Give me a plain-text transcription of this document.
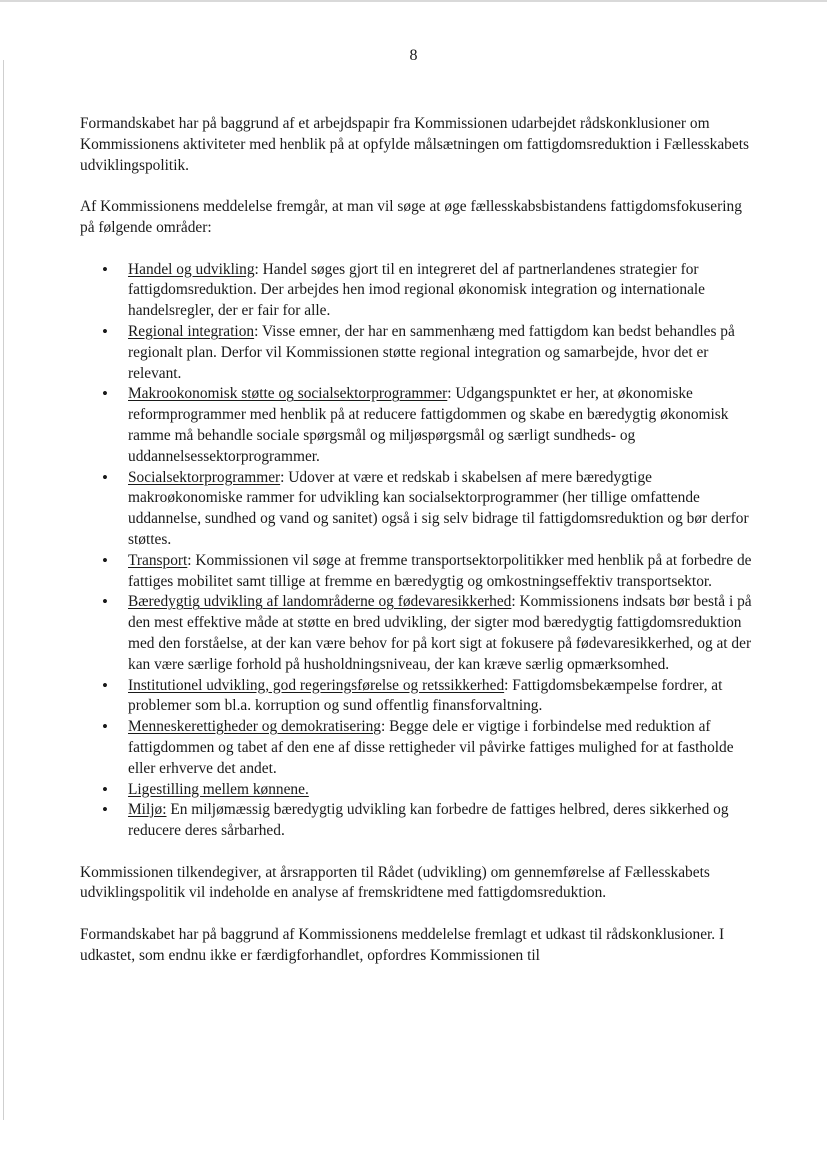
8

Formandskabet har på baggrund af et arbejdspapir fra Kommissionen udarbejdet rådskonklusioner om Kommissionens aktiviteter med henblik på at opfylde målsætningen om fattigdomsreduktion i Fællesskabets udviklingspolitik.

Af Kommissionens meddelelse fremgår, at man vil søge at øge fællesskabsbistandens fattigdomsfokusering på følgende områder:

• Handel og udvikling: Handel søges gjort til en integreret del af partnerlandenes strategier for fattigdomsreduktion. Der arbejdes hen imod regional økonomisk integration og internationale handelsregler, der er fair for alle.
• Regional integration: Visse emner, der har en sammenhæng med fattigdom kan bedst behandles på regionalt plan. Derfor vil Kommissionen støtte regional integration og samarbejde, hvor det er relevant.
• Makrookonomisk støtte og socialsektorprogrammer: Udgangspunktet er her, at økonomiske reformprogrammer med henblik på at reducere fattigdommen og skabe en bæredygtig økonomisk ramme må behandle sociale spørgsmål og miljøspørgsmål og særligt sundheds- og uddannelsessektorprogrammer.
• Socialsektorprogrammer: Udover at være et redskab i skabelsen af mere bæredygtige makroøkonomiske rammer for udvikling kan socialsektorprogrammer (her tillige omfattende uddannelse, sundhed og vand og sanitet) også i sig selv bidrage til fattigdomsreduktion og bør derfor støttes.
• Transport: Kommissionen vil søge at fremme transportsektorpolitikker med henblik på at forbedre de fattiges mobilitet samt tillige at fremme en bæredygtig og omkostningseffektiv transportsektor.
• Bæredygtig udvikling af landområderne og fødevaresikkerhed: Kommissionens indsats bør bestå i på den mest effektive måde at støtte en bred udvikling, der sigter mod bæredygtig fattigdomsreduktion med den forståelse, at der kan være behov for på kort sigt at fokusere på fødevaresikkerhed, og at der kan være særlige forhold på husholdningsniveau, der kan kræve særlig opmærksomhed.
• Institutionel udvikling, god regeringsførelse og retssikkerhed: Fattigdomsbekæmpelse fordrer, at problemer som bl.a. korruption og sund offentlig finansforvaltning.
• Menneskerettigheder og demokratisering: Begge dele er vigtige i forbindelse med reduktion af fattigdommen og tabet af den ene af disse rettigheder vil påvirke fattiges mulighed for at fastholde eller erhverve det andet.
• Ligestilling mellem kønnene.
• Miljø: En miljømæssig bæredygtig udvikling kan forbedre de fattiges helbred, deres sikkerhed og reducere deres sårbarhed.

Kommissionen tilkendegiver, at årsrapporten til Rådet (udvikling) om gennemførelse af Fællesskabets udviklingspolitik vil indeholde en analyse af fremskridtene med fattigdomsreduktion.

Formandskabet har på baggrund af Kommissionens meddelelse fremlagt et udkast til rådskonklusioner. I udkastet, som endnu ikke er færdigforhandlet, opfordres Kommissionen til
